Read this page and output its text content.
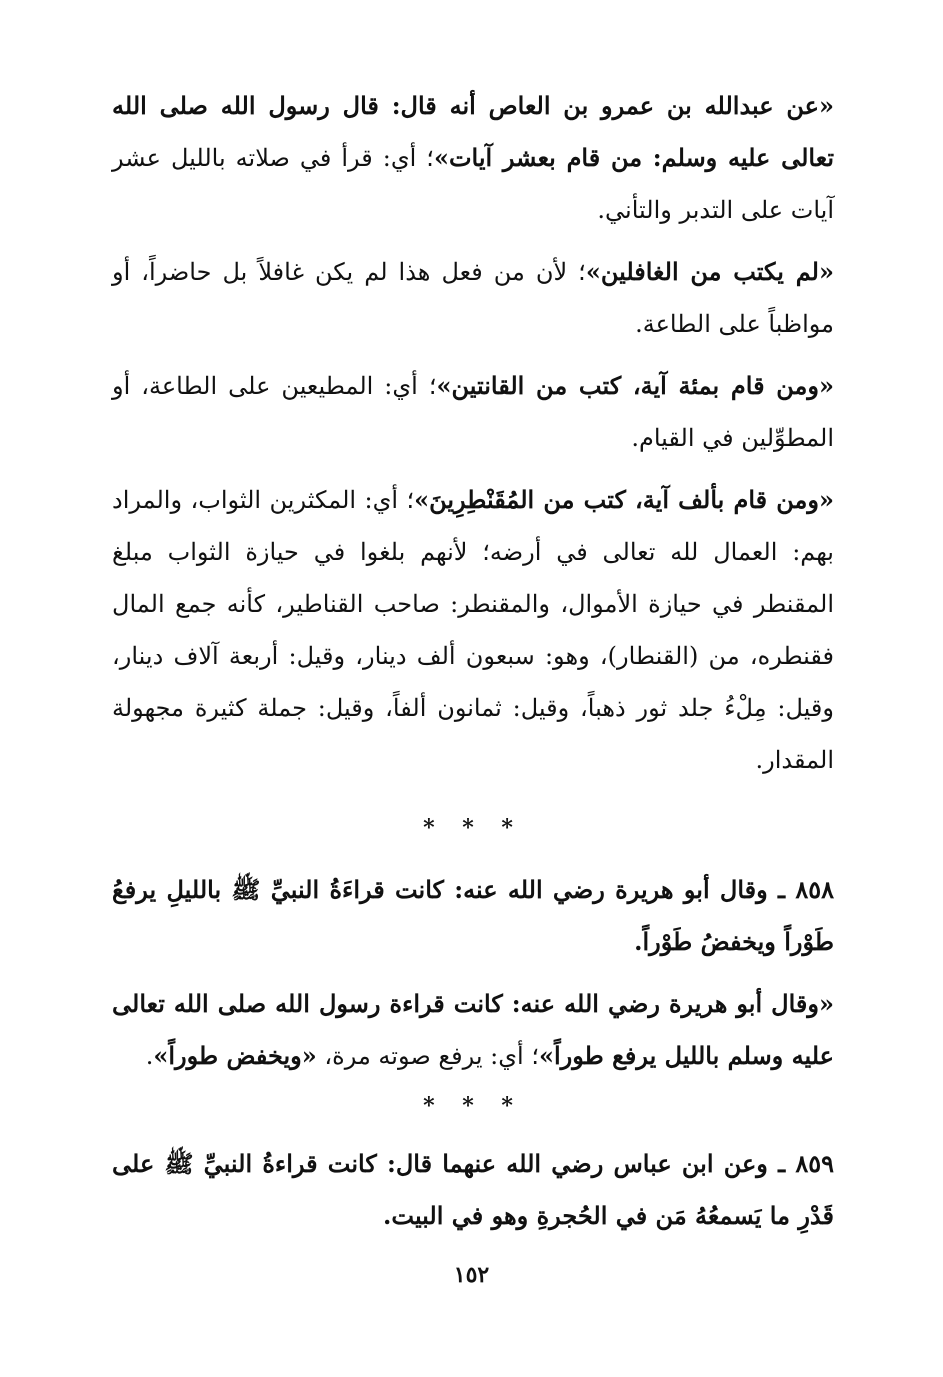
«عن عبدالله بن عمرو بن العاص أنه قال: قال رسول الله صلى الله تعالى عليه وسلم: من قام بعشر آيات»؛ أي: قرأ في صلاته بالليل عشر آيات على التدبر والتأني.

«لم يكتب من الغافلين»؛ لأن من فعل هذا لم يكن غافلاً بل حاضراً، أو مواظباً على الطاعة.

«ومن قام بمئة آية، كتب من القانتين»؛ أي: المطيعين على الطاعة، أو المطوِّلين في القيام.

«ومن قام بألف آية، كتب من المُقَنْطِرِينَ»؛ أي: المكثرين الثواب، والمراد بهم: العمال لله تعالى في أرضه؛ لأنهم بلغوا في حيازة الثواب مبلغ المقنطر في حيازة الأموال، والمقنطر: صاحب القناطير، كأنه جمع المال فقنطره، من (القنطار)، وهو: سبعون ألف دينار، وقيل: أربعة آلاف دينار، وقيل: مِلْءُ جلد ثور ذهباً، وقيل: ثمانون ألفاً، وقيل: جملة كثيرة مجهولة المقدار.

* * *

٨٥٨ ـ وقال أبو هريرة رضي الله عنه: كانت قراءَةُ النبيِّ ﷺ بالليلِ يرفعُ طَوْراً ويخفضُ طَوْراً.

«وقال أبو هريرة رضي الله عنه: كانت قراءة رسول الله صلى الله تعالى عليه وسلم بالليل يرفع طوراً»؛ أي: يرفع صوته مرة، «ويخفض طوراً».

* * *

٨٥٩ ـ وعن ابن عباس رضي الله عنهما قال: كانت قراءةُ النبيِّ ﷺ على قَدْرِ ما يَسمعُهُ مَن في الحُجرةِ وهو في البيت.

١٥٢
